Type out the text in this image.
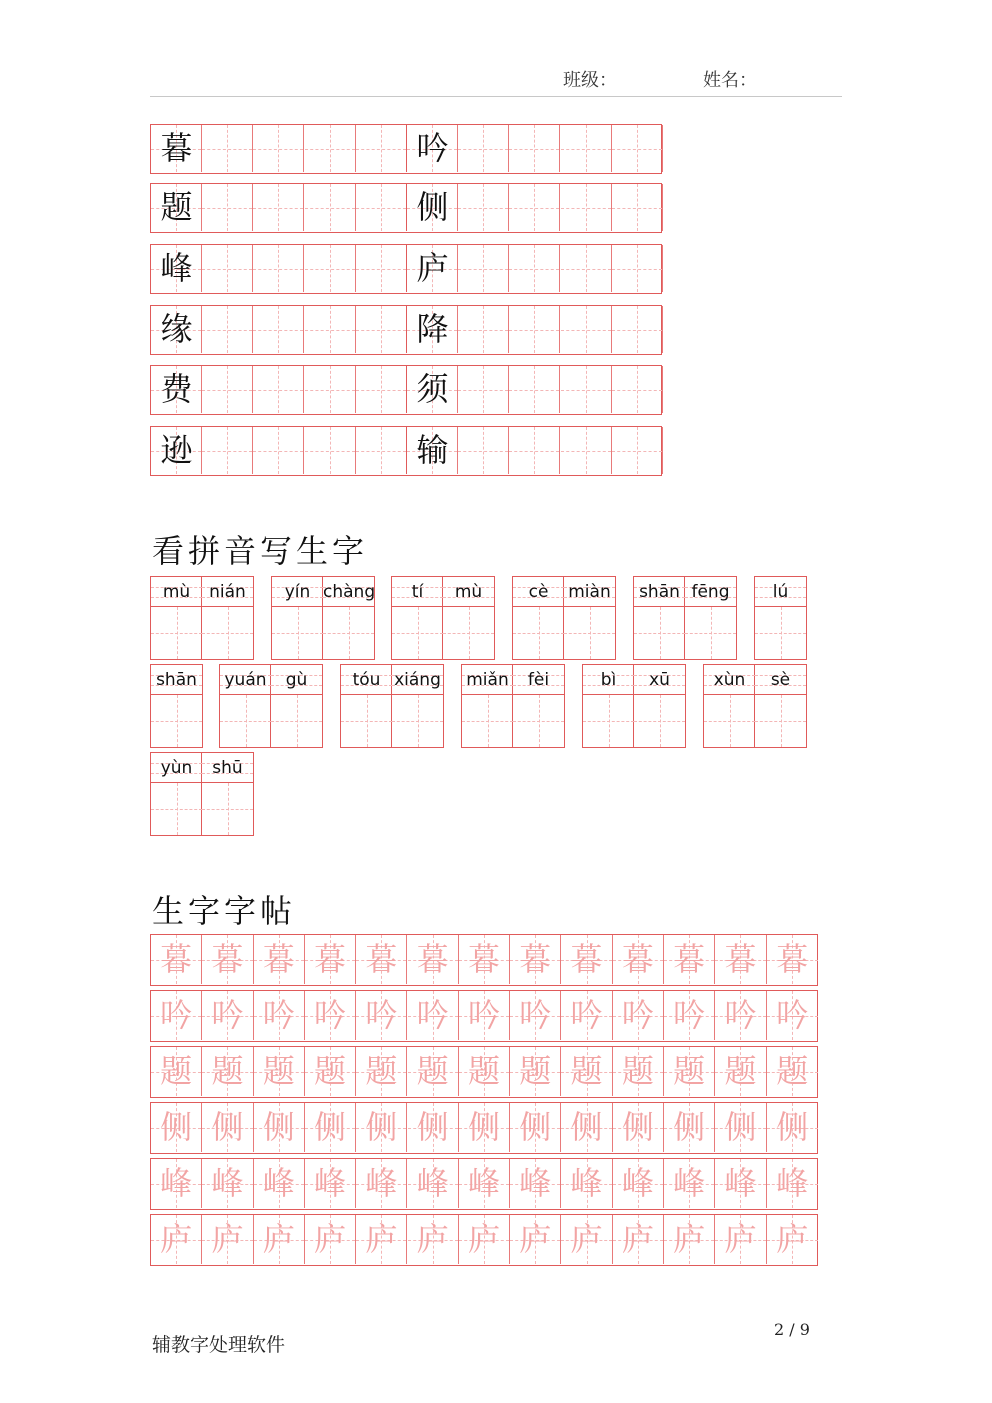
班级：	姓名：
暮	吟
题	侧
峰	庐
缘	降
费	须
逊	输
看拼音写生字
mù	nián	yín chàng	tí	mù	cè	miàn shān fēng	lú
shān yuán	gù	tóu xiáng miǎn	fèi	bì	xū	xùn	sè
yùn	shū
生字字帖
暮 暮 暮 暮 暮 暮 暮 暮 暮 暮 暮 暮 暮
吟 吟 吟 吟 吟 吟 吟 吟 吟 吟 吟 吟 吟
题 题 题 题 题 题 题 题 题 题 题 题 题
侧 侧 侧 侧 侧 侧 侧 侧 侧 侧 侧 侧 侧
峰 峰 峰 峰 峰 峰 峰 峰 峰 峰 峰 峰 峰
庐 庐 庐 庐 庐 庐 庐 庐 庐 庐 庐 庐 庐
辅教字处理软件
2 / 9
